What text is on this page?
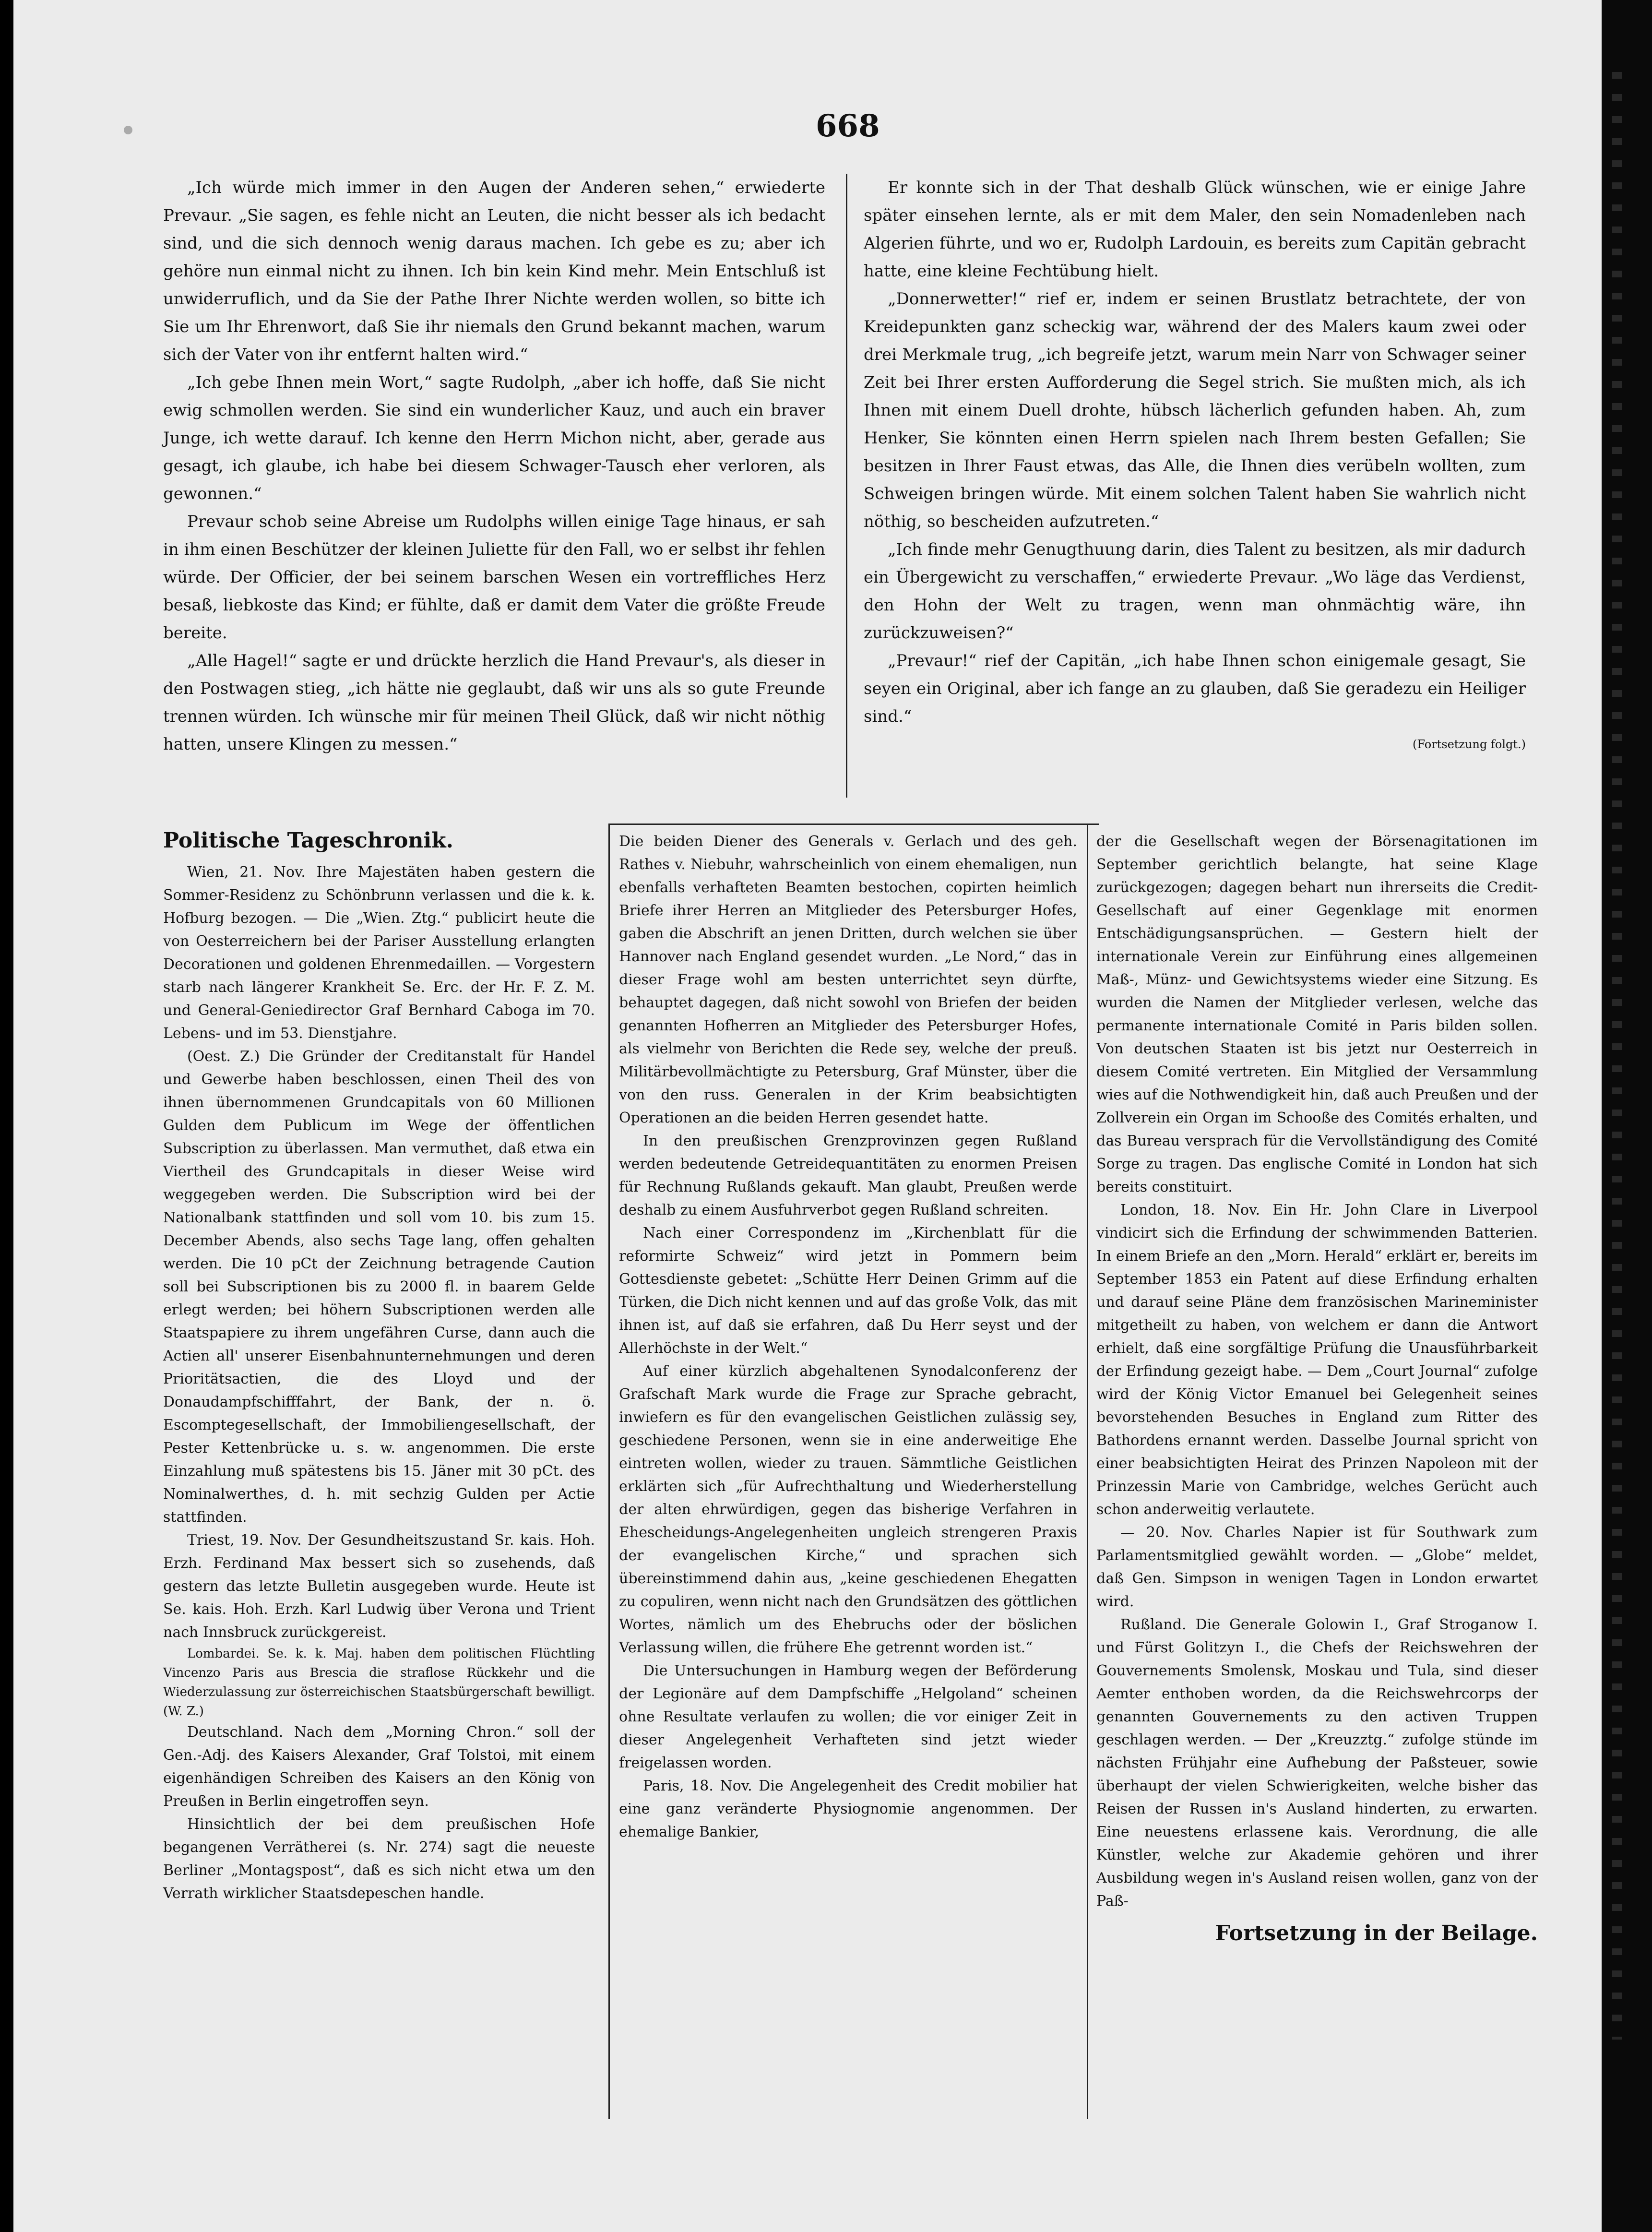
668

„Ich würde mich immer in den Augen der Anderen sehen,“ erwiederte Prevaur. „Sie sagen, es fehle nicht an Leuten, die nicht besser als ich bedacht sind, und die sich dennoch wenig daraus machen. Ich gebe es zu; aber ich gehöre nun einmal nicht zu ihnen. Ich bin kein Kind mehr. Mein Entschluß ist unwiderruflich, und da Sie der Pathe Ihrer Nichte werden wollen, so bitte ich Sie um Ihr Ehrenwort, daß Sie ihr niemals den Grund bekannt machen, warum sich der Vater von ihr entfernt halten wird.“

„Ich gebe Ihnen mein Wort,“ sagte Rudolph, „aber ich hoffe, daß Sie nicht ewig schmollen werden. Sie sind ein wunderlicher Kauz, und auch ein braver Junge, ich wette darauf. Ich kenne den Herrn Michon nicht, aber, gerade aus gesagt, ich glaube, ich habe bei diesem Schwager-Tausch eher verloren, als gewonnen.“

Prevaur schob seine Abreise um Rudolphs willen einige Tage hinaus, er sah in ihm einen Beschützer der kleinen Juliette für den Fall, wo er selbst ihr fehlen würde. Der Officier, der bei seinem barschen Wesen ein vortreffliches Herz besaß, liebkoste das Kind; er fühlte, daß er damit dem Vater die größte Freude bereite.

„Alle Hagel!“ sagte er und drückte herzlich die Hand Prevaur's, als dieser in den Postwagen stieg, „ich hätte nie geglaubt, daß wir uns als so gute Freunde trennen würden. Ich wünsche mir für meinen Theil Glück, daß wir nicht nöthig hatten, unsere Klingen zu messen.“

Er konnte sich in der That deshalb Glück wünschen, wie er einige Jahre später einsehen lernte, als er mit dem Maler, den sein Nomadenleben nach Algerien führte, und wo er, Rudolph Lardouin, es bereits zum Capitän gebracht hatte, eine kleine Fechtübung hielt.

„Donnerwetter!“ rief er, indem er seinen Brustlatz betrachtete, der von Kreidepunkten ganz scheckig war, während der des Malers kaum zwei oder drei Merkmale trug, „ich begreife jetzt, warum mein Narr von Schwager seiner Zeit bei Ihrer ersten Aufforderung die Segel strich. Sie mußten mich, als ich Ihnen mit einem Duell drohte, hübsch lächerlich gefunden haben. Ah, zum Henker, Sie könnten einen Herrn spielen nach Ihrem besten Gefallen; Sie besitzen in Ihrer Faust etwas, das Alle, die Ihnen dies verübeln wollten, zum Schweigen bringen würde. Mit einem solchen Talent haben Sie wahrlich nicht nöthig, so bescheiden aufzutreten.“

„Ich finde mehr Genugthuung darin, dies Talent zu besitzen, als mir dadurch ein Übergewicht zu verschaffen,“ erwiederte Prevaur. „Wo läge das Verdienst, den Hohn der Welt zu tragen, wenn man ohnmächtig wäre, ihn zurückzuweisen?“

„Prevaur!“ rief der Capitän, „ich habe Ihnen schon einigemale gesagt, Sie seyen ein Original, aber ich fange an zu glauben, daß Sie geradezu ein Heiliger sind.“

(Fortsetzung folgt.)

Politische Tageschronik.

Wien, 21. Nov. Ihre Majestäten haben gestern die Sommer-Residenz zu Schönbrunn verlassen und die k. k. Hofburg bezogen. — Die „Wien. Ztg.“ publicirt heute die von Oesterreichern bei der Pariser Ausstellung erlangten Decorationen und goldenen Ehrenmedaillen. — Vorgestern starb nach längerer Krankheit Se. Erc. der Hr. F. Z. M. und General-Geniedirector Graf Bernhard Caboga im 70. Lebens- und im 53. Dienstjahre.

(Oest. Z.) Die Gründer der Creditanstalt für Handel und Gewerbe haben beschlossen, einen Theil des von ihnen übernommenen Grundcapitals von 60 Millionen Gulden dem Publicum im Wege der öffentlichen Subscription zu überlassen. Man vermuthet, daß etwa ein Viertheil des Grundcapitals in dieser Weise wird weggegeben werden. Die Subscription wird bei der Nationalbank stattfinden und soll vom 10. bis zum 15. December Abends, also sechs Tage lang, offen gehalten werden. Die 10 pCt der Zeichnung betragende Caution soll bei Subscriptionen bis zu 2000 fl. in baarem Gelde erlegt werden; bei höhern Subscriptionen werden alle Staatspapiere zu ihrem ungefähren Curse, dann auch die Actien all' unserer Eisenbahnunternehmungen und deren Prioritätsactien, die des Lloyd und der Donaudampfschifffahrt, der Bank, der n. ö. Escomptegesellschaft, der Immobiliengesellschaft, der Pester Kettenbrücke u. s. w. angenommen. Die erste Einzahlung muß spätestens bis 15. Jäner mit 30 pCt. des Nominalwerthes, d. h. mit sechzig Gulden per Actie stattfinden.

Triest, 19. Nov. Der Gesundheitszustand Sr. kais. Hoh. Erzh. Ferdinand Max bessert sich so zusehends, daß gestern das letzte Bulletin ausgegeben wurde. Heute ist Se. kais. Hoh. Erzh. Karl Ludwig über Verona und Trient nach Innsbruck zurückgereist.

Lombardei. Se. k. k. Maj. haben dem politischen Flüchtling Vincenzo Paris aus Brescia die straflose Rückkehr und die Wiederzulassung zur österreichischen Staatsbürgerschaft bewilligt. (W. Z.)

Deutschland. Nach dem „Morning Chron.“ soll der Gen.-Adj. des Kaisers Alexander, Graf Tolstoi, mit einem eigenhändigen Schreiben des Kaisers an den König von Preußen in Berlin eingetroffen seyn.

Hinsichtlich der bei dem preußischen Hofe begangenen Verrätherei (s. Nr. 274) sagt die neueste Berliner „Montagspost“, daß es sich nicht etwa um den Verrath wirklicher Staatsdepeschen handle.

Die beiden Diener des Generals v. Gerlach und des geh. Rathes v. Niebuhr, wahrscheinlich von einem ehemaligen, nun ebenfalls verhafteten Beamten bestochen, copirten heimlich Briefe ihrer Herren an Mitglieder des Petersburger Hofes, gaben die Abschrift an jenen Dritten, durch welchen sie über Hannover nach England gesendet wurden. „Le Nord,“ das in dieser Frage wohl am besten unterrichtet seyn dürfte, behauptet dagegen, daß nicht sowohl von Briefen der beiden genannten Hofherren an Mitglieder des Petersburger Hofes, als vielmehr von Berichten die Rede sey, welche der preuß. Militärbevollmächtigte zu Petersburg, Graf Münster, über die von den russ. Generalen in der Krim beabsichtigten Operationen an die beiden Herren gesendet hatte.

In den preußischen Grenzprovinzen gegen Rußland werden bedeutende Getreidequantitäten zu enormen Preisen für Rechnung Rußlands gekauft. Man glaubt, Preußen werde deshalb zu einem Ausfuhrverbot gegen Rußland schreiten.

Nach einer Correspondenz im „Kirchenblatt für die reformirte Schweiz“ wird jetzt in Pommern beim Gottesdienste gebetet: „Schütte Herr Deinen Grimm auf die Türken, die Dich nicht kennen und auf das große Volk, das mit ihnen ist, auf daß sie erfahren, daß Du Herr seyst und der Allerhöchste in der Welt.“

Auf einer kürzlich abgehaltenen Synodalconferenz der Grafschaft Mark wurde die Frage zur Sprache gebracht, inwiefern es für den evangelischen Geistlichen zulässig sey, geschiedene Personen, wenn sie in eine anderweitige Ehe eintreten wollen, wieder zu trauen. Sämmtliche Geistlichen erklärten sich „für Aufrechthaltung und Wiederherstellung der alten ehrwürdigen, gegen das bisherige Verfahren in Ehescheidungs-Angelegenheiten ungleich strengeren Praxis der evangelischen Kirche,“ und sprachen sich übereinstimmend dahin aus, „keine geschiedenen Ehegatten zu copuliren, wenn nicht nach den Grundsätzen des göttlichen Wortes, nämlich um des Ehebruchs oder der böslichen Verlassung willen, die frühere Ehe getrennt worden ist.“

Die Untersuchungen in Hamburg wegen der Beförderung der Legionäre auf dem Dampfschiffe „Helgoland“ scheinen ohne Resultate verlaufen zu wollen; die vor einiger Zeit in dieser Angelegenheit Verhafteten sind jetzt wieder freigelassen worden.

Paris, 18. Nov. Die Angelegenheit des Credit mobilier hat eine ganz veränderte Physiognomie angenommen. Der ehemalige Bankier,

der die Gesellschaft wegen der Börsenagitationen im September gerichtlich belangte, hat seine Klage zurückgezogen; dagegen behart nun ihrerseits die Credit-Gesellschaft auf einer Gegenklage mit enormen Entschädigungsansprüchen. — Gestern hielt der internationale Verein zur Einführung eines allgemeinen Maß-, Münz- und Gewichtsystems wieder eine Sitzung. Es wurden die Namen der Mitglieder verlesen, welche das permanente internationale Comité in Paris bilden sollen. Von deutschen Staaten ist bis jetzt nur Oesterreich in diesem Comité vertreten. Ein Mitglied der Versammlung wies auf die Nothwendigkeit hin, daß auch Preußen und der Zollverein ein Organ im Schooße des Comités erhalten, und das Bureau versprach für die Vervollständigung des Comité Sorge zu tragen. Das englische Comité in London hat sich bereits constituirt.

London, 18. Nov. Ein Hr. John Clare in Liverpool vindicirt sich die Erfindung der schwimmenden Batterien. In einem Briefe an den „Morn. Herald“ erklärt er, bereits im September 1853 ein Patent auf diese Erfindung erhalten und darauf seine Pläne dem französischen Marineminister mitgetheilt zu haben, von welchem er dann die Antwort erhielt, daß eine sorgfältige Prüfung die Unausführbarkeit der Erfindung gezeigt habe. — Dem „Court Journal“ zufolge wird der König Victor Emanuel bei Gelegenheit seines bevorstehenden Besuches in England zum Ritter des Bathordens ernannt werden. Dasselbe Journal spricht von einer beabsichtigten Heirat des Prinzen Napoleon mit der Prinzessin Marie von Cambridge, welches Gerücht auch schon anderweitig verlautete.

— 20. Nov. Charles Napier ist für Southwark zum Parlamentsmitglied gewählt worden. — „Globe“ meldet, daß Gen. Simpson in wenigen Tagen in London erwartet wird.

Rußland. Die Generale Golowin I., Graf Stroganow I. und Fürst Golitzyn I., die Chefs der Reichswehren der Gouvernements Smolensk, Moskau und Tula, sind dieser Aemter enthoben worden, da die Reichswehrcorps der genannten Gouvernements zu den activen Truppen geschlagen werden. — Der „Kreuzztg.“ zufolge stünde im nächsten Frühjahr eine Aufhebung der Paßsteuer, sowie überhaupt der vielen Schwierigkeiten, welche bisher das Reisen der Russen in's Ausland hinderten, zu erwarten. Eine neuestens erlassene kais. Verordnung, die alle Künstler, welche zur Akademie gehören und ihrer Ausbildung wegen in's Ausland reisen wollen, ganz von der Paß-

Fortsetzung in der Beilage.
